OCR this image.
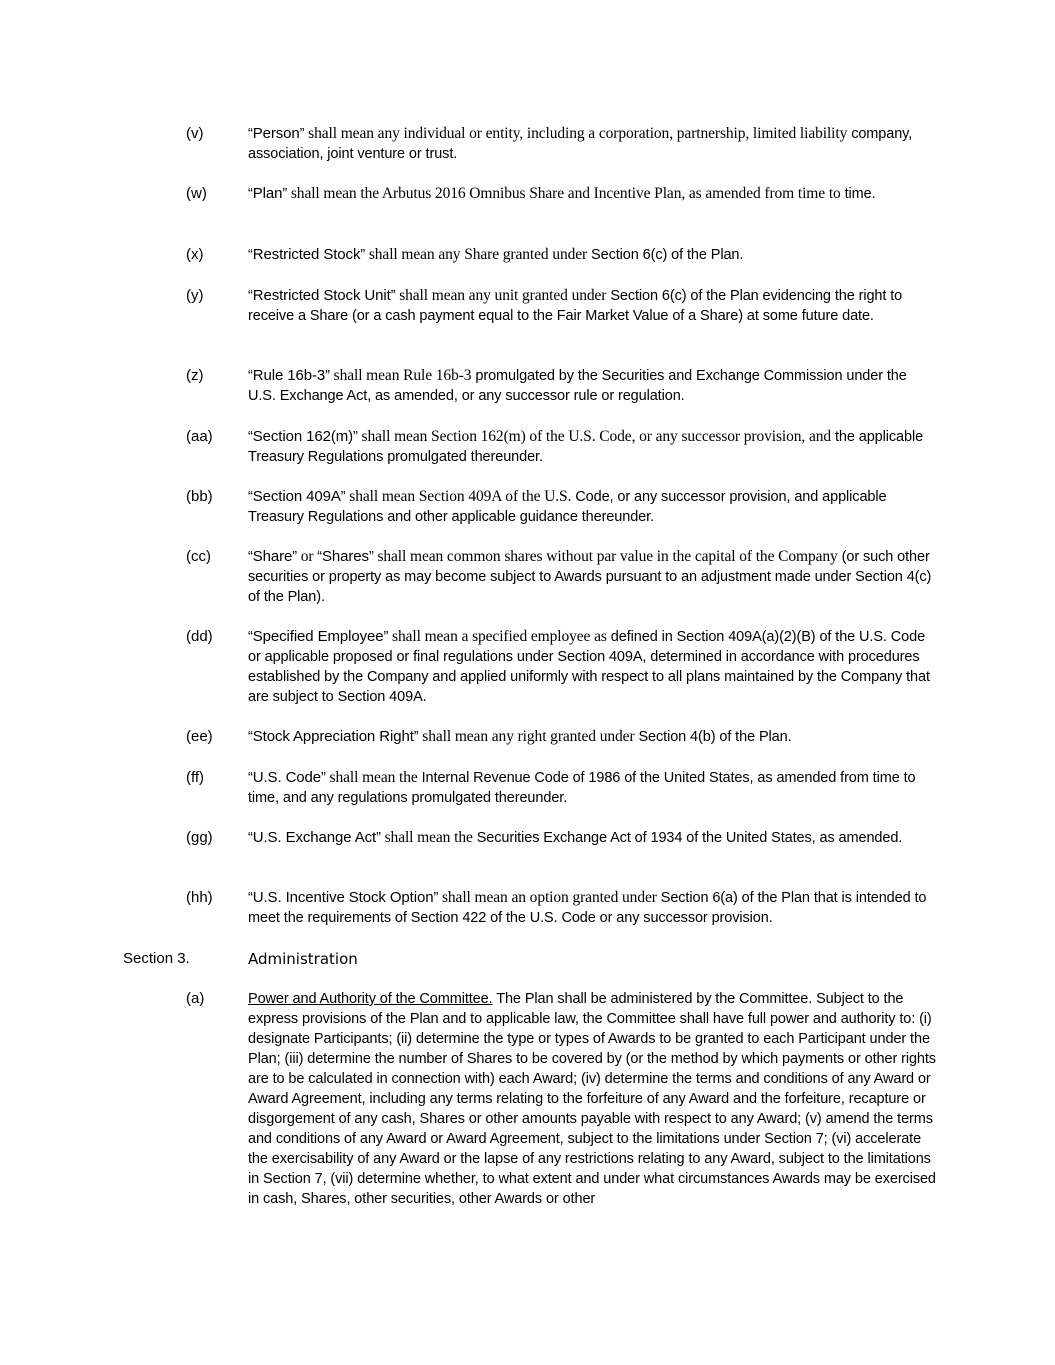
(v)	“Person” shall mean any individual or entity, including a corporation, partnership, limited liability company, association, joint venture or trust.
(w)	“Plan” shall mean the Arbutus 2016 Omnibus Share and Incentive Plan, as amended from time to time.
(x)	“Restricted Stock” shall mean any Share granted under Section 6(c) of the Plan.
(y)	“Restricted Stock Unit” shall mean any unit granted under Section 6(c) of the Plan evidencing the right to receive a Share (or a cash payment equal to the Fair Market Value of a Share) at some future date.
(z)	“Rule 16b-3” shall mean Rule 16b-3 promulgated by the Securities and Exchange Commission under the U.S. Exchange Act, as amended, or any successor rule or regulation.
(aa) “Section 162(m)” shall mean Section 162(m) of the U.S. Code, or any successor provision, and the applicable Treasury Regulations promulgated thereunder.
(bb) “Section 409A” shall mean Section 409A of the U.S. Code, or any successor provision, and applicable Treasury Regulations and other applicable guidance thereunder.
(cc)	“Share” or “Shares” shall mean common shares without par value in the capital of the Company (or such other securities or property as may become subject to Awards pursuant to an adjustment made under Section 4(c) of the Plan).
(dd) “Specified Employee” shall mean a specified employee as defined in Section 409A(a)(2)(B) of the U.S. Code or applicable proposed or final regulations under Section 409A, determined in accordance with procedures established by the Company and applied uniformly with respect to all plans maintained by the Company that are subject to Section 409A.
(ee) “Stock Appreciation Right” shall mean any right granted under Section 4(b) of the Plan.
(ff)	“U.S. Code” shall mean the Internal Revenue Code of 1986 of the United States, as amended from time to time, and any regulations promulgated thereunder.
(gg) “U.S. Exchange Act” shall mean the Securities Exchange Act of 1934 of the United States, as amended.
(hh) “U.S. Incentive Stock Option” shall mean an option granted under Section 6(a) of the Plan that is intended to meet the requirements of Section 422 of the U.S. Code or any successor provision.
Section 3.	Administration
(a)	Power and Authority of the Committee. The Plan shall be administered by the Committee. Subject to the express provisions of the Plan and to applicable law, the Committee shall have full power and authority to: (i) designate Participants; (ii) determine the type or types of Awards to be granted to each Participant under the Plan; (iii) determine the number of Shares to be covered by (or the method by which payments or other rights are to be calculated in connection with) each Award; (iv) determine the terms and conditions of any Award or Award Agreement, including any terms relating to the forfeiture of any Award and the forfeiture, recapture or disgorgement of any cash, Shares or other amounts payable with respect to any Award; (v) amend the terms and conditions of any Award or Award Agreement, subject to the limitations under Section 7; (vi) accelerate the exercisability of any Award or the lapse of any restrictions relating to any Award, subject to the limitations in Section 7, (vii) determine whether, to what extent and under what circumstances Awards may be exercised in cash, Shares, other securities, other Awards or other
